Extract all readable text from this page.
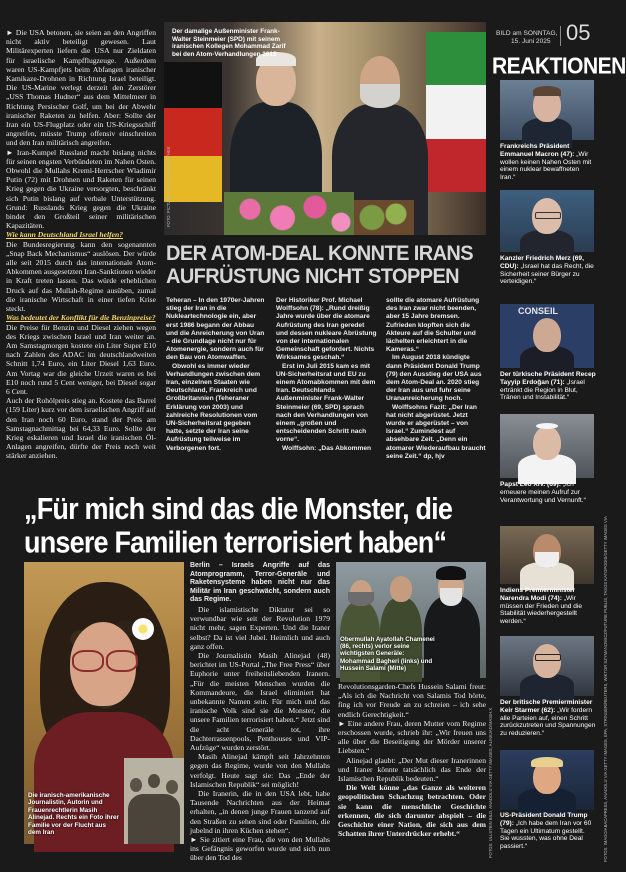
► Die USA betonen, sie seien an den Angriffen nicht aktiv beteiligt gewesen. Laut Militärexperten liefern die USA nur Zieldaten für israelische Kampfflugzeuge. Außerdem waren US-Kampfjets beim Abfangen iranischer Kamikaze-Drohnen in Richtung Israel beteiligt. Die US-Marine verlegt derzeit den Zerstörer „USS Thomas Hudner“ aus dem Mittelmeer in Richtung Persischer Golf, um bei der Abwehr iranischer Raketen zu helfen. Aber: Sollte der Iran ein US-Flugplatz oder ein US-Kriegsschiff angreifen, müsste Trump offensiv einschreiten und den Iran militärisch angreifen.

► Iran-Kumpel Russland macht bislang nichts für seinen engsten Verbündeten im Nahen Osten. Obwohl die Mullahs Kreml-Herrscher Wladimir Putin (72) mit Drohnen und Raketen für seinen Krieg gegen die Ukraine versorgten, beschränkt sich Putin bislang auf verbale Unterstützung. Grund: Russlands Krieg gegen die Ukraine bindet den Großteil seiner militärischen Kapazitäten.

Wie kann Deutschland Israel helfen?

Die Bundesregierung kann den sogenannten „Snap Back Mechanismus“ auslösen. Der würde alle seit 2015 durch das internationale Atom-Abkommen ausgesetzten Iran-Sanktionen wieder in Kraft treten lassen. Das würde erheblichen Druck auf das Mullah-Regime ausüben, zumal die iranische Wirtschaft in einer tiefen Krise steckt.

Was bedeutet der Konflikt für die Benzinpreise?

Die Preise für Benzin und Diesel ziehen wegen des Kriegs zwischen Israel und Iran weiter an. Am Samstagmorgen kostete ein Liter Super E10 nach Zahlen des ADAC im deutschlandweiten Schnitt 1,74 Euro, ein Liter Diesel 1,63 Euro. Am Vortag war die gleiche Urzeit waren es bei E10 noch rund 5 Cent weniger, bei Diesel sogar 6 Cent.

Auch der Rohölpreis stieg an. Kostete das Barrel (159 Liter) kurz vor dem israelischen Angriff auf den Iran noch 60 Euro, stand der Preis am Samstagnachmittag bei 64,33 Euro. Sollte der Krieg eskalieren und Israel die iranischen Öl-Anlagen angreifen, dürfte der Preis noch weit stärker anziehen.

Der damalige Außenminister Frank-Walter Steinmeier (SPD) mit seinem iranischen Kollegen Mohammad Zarif bei den Atom-Verhandlungen 2015
FOTO: PICTURE ALLIANCE/PHOTOTHEK
DER ATOM-DEAL KONNTE IRANS
AUFRÜSTUNG NICHT STOPPEN

Teheran – In den 1970er-Jahren stieg der Iran in die Nukleartechnologie ein, aber erst 1986 begann der Abbau und die Anreicherung von Uran – die Grundlage nicht nur für Atomenergie, sondern auch für den Bau von Atomwaffen.

Obwohl es immer wieder Verhandlungen zwischen dem Iran, einzelnen Staaten wie Deutschland, Frankreich und Großbritannien (Teheraner Erklärung von 2003) und zahlreiche Resolutionen vom UN-Sicherheitsrat gegeben hatte, setzte der Iran seine Aufrüstung teilweise im Verborgenen fort.

Der Historiker Prof. Michael Wolffsohn (78): „Rund dreißig Jahre wurde über die atomare Aufrüstung des Iran geredet und dessen nukleare Abrüstung von der internationalen Gemeinschaft gefordert. Nichts Wirksames geschah.“

Erst im Juli 2015 kam es mit UN-Sicherheitsrat und EU zu einem Atomabkommen mit dem Iran. Deutschlands Außenminister Frank-Walter Steinmeier (69, SPD) sprach nach den Verhandlungen von einem „großen und entscheidenden Schritt nach vorne“.

Wolffsohn: „Das Abkommen

sollte die atomare Aufrüstung des Iran zwar nicht beenden, aber 15 Jahre bremsen. Zufrieden klopften sich die Akteure auf die Schulter und lächelten erleichtert in die Kameras.“

Im August 2018 kündigte dann Präsident Donald Trump (79) den Ausstieg der USA aus dem Atom-Deal an. 2020 stieg der Iran aus und fuhr seine Urananreicherung hoch.

Wolffsohns Fazit: „Der Iran hat nicht abgerüstet. Jetzt wurde er abgerüstet – von Israel.“ Zumindest auf absehbare Zeit. „Denn ein atomarer Wiederaufbau braucht seine Zeit.“ dp, hjv

BILD am SONNTAG,
15. Juni 2025 05
REAKTIONEN
Frankreichs Präsident Emmanuel Macron (47): „Wir wollen keinen Nahen Osten mit einem nuklear bewaffneten Iran.“
Kanzler Friedrich Merz (69, CDU): „Israel hat das Recht, die Sicherheit seiner Bürger zu verteidigen.“
CONSEIL
Der türkische Präsident Recep Tayyip Erdoğan (71): „Israel ertränkt die Region in Blut, Tränen und Instabilität.“
Papst Leo XIV. (69): „Ich erneuere meinen Aufruf zur Verantwortung und Vernunft.“
Indiens Premierminister Narendra Modi (74): „Wir müssen der Frieden und die Stabilität wiederhergestellt werden.“
Der britische Premierminister Keir Starmer (62): „Wir fordern alle Parteien auf, einen Schritt zurückzutreten und Spannungen zu reduzieren.“
US-Präsident Donald Trump (79): „Ich habe dem Iran vor 60 Tagen ein Ultimatum gestellt. Sie wussten, was ohne Deal passiert.“	FOTOS: IMAGO/ABACAPRESS, ANADOLU VIA GETTY IMAGES, EPA, STRINGER/REUTERS, WIKTOR SZYMANOWICZ/FUTURE PUBLIS, TASOS KATOPODIS/GETTY IMAGES VIA
„Für mich sind das die Monster, die unsere Familien terrorisiert haben“
Die iranisch-amerikanische Journalistin, Autorin und Frauenrechtlerin Masih Alinejad. Rechts ein Foto ihrer Familie vor der Flucht aus dem Iran	FOTOS: ULLSTEIN BILD, ANADOLU VIA GETTY IMAGES, ALINEJAD/MASIH.X

Berlin – Israels Angriffe auf das Atomprogramm, Terror-Generäle und Raketensysteme haben nicht nur das Militär im Iran geschwächt, sondern auch das Regime.

Die islamistische Diktatur sei so verwundbar wie seit der Revolution 1979 nicht mehr, sagen Experten. Und die Iraner selbst? Da ist viel Jubel. Heimlich und auch ganz offen.

Die Journalistin Masih Alinejad (48) berichtet im US-Portal „The Free Press“ über Euphorie unter freiheitsliebenden Iranern. „Für die meisten Menschen wurden die Kommandeure, die Israel eliminiert hat unbekannte Namen sein. Für mich und das iranische Volk sind sie die Monster, die unsere Familien terrorisiert haben.“ Jetzt sind die acht Generäle tot, ihre Dachterrassenpools, Penthouses und VIP-Aufzüge“ wurden zerstört.

Masih Alinejad kämpft seit Jahrzehnten gegen das Regime, wurde von den Mullahs verfolgt. Heute sagt sie: Das „Ende der Islamischen Republik“ sei möglich!

Die Iranerin, die in den USA lebt, habe Tausende Nachrichten aus der Heimat erhalten, „in denen junge Frauen tanzend auf den Straßen zu sehen sind oder Familien, die jubelnd in ihren Küchen stehen“.

► Sie zitiert eine Frau, die von den Mullahs ins Gefängnis geworfen wurde und sich nun über den Tod des

Obermullah Ayatollah Chamenei (86, rechts) verlor seine wichtigsten Generäle: Mohammad Bagheri (links) und Hussein Salami (Mitte)

Revolutionsgarden-Chefs Hussein Salami freut: „Als ich die Nachricht von Salamis Tod hörte, fing ich vor Freude an zu schreien – ich sehe endlich Gerechtigkeit.“

► Eine andere Frau, deren Mutter vom Regime erschossen wurde, schrieb ihr: „Wir freuen uns alle über die Beseitigung der Mörder unserer Liebsten.“

Alinejad glaubt: „Der Mut dieser Iranerinnen und Iraner könnte tatsächlich das Ende der Islamischen Republik bedeuten.“

Die Welt könne „das Ganze als weiteren geopolitischen Schachzug betrachten. Oder sie kann die menschliche Geschichte erkennen, die sich darunter abspielt – die Geschichte einer Nation, die sich aus dem Schatten ihrer Unterdrücker erhebt.“
